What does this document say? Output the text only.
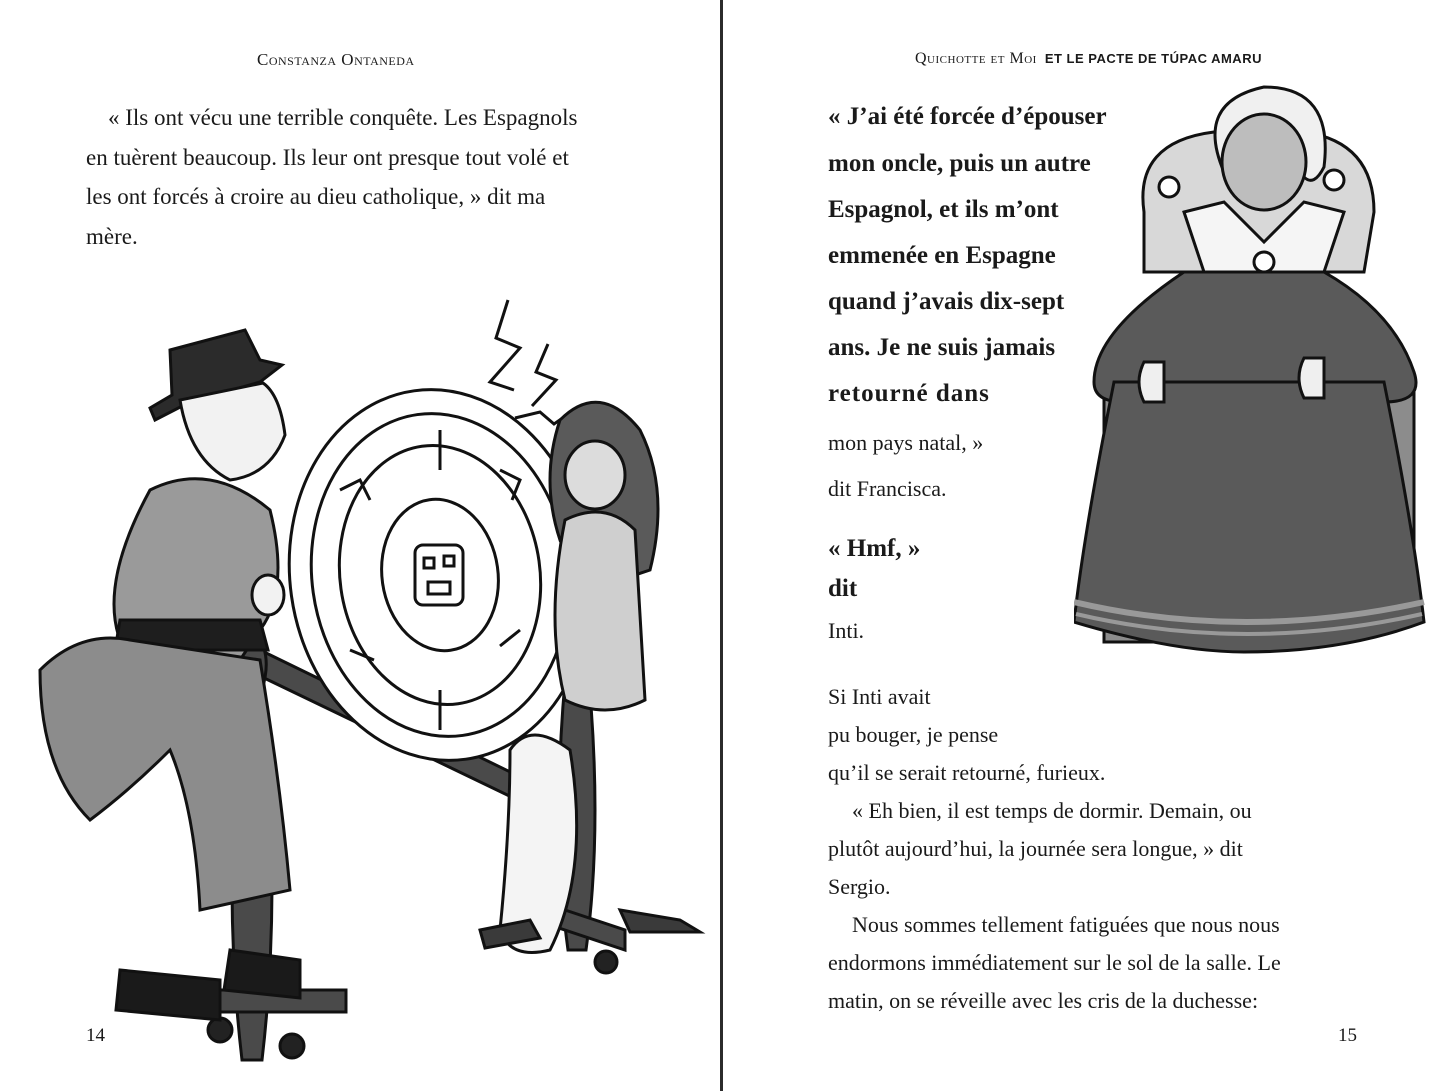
Constanza Ontaneda

« Ils ont vécu une terrible conquête. Les Espagnols en tuèrent beaucoup. Ils leur ont presque tout volé et les ont forcés à croire au dieu catholique, » dit ma mère.

14
Quichotte et Moi ET LE PACTE DE TÚPAC AMARU
« J’ai été forcée d’épouser
mon oncle, puis un autre
Espagnol, et ils m’ont
emmenée en Espagne
quand j’avais dix-sept
ans. Je ne suis jamais
retourné dans
mon pays natal, »
dit Francisca.
« Hmf, »
dit
Inti.
Si Inti avait
pu bouger, je pense
qu’il se serait retourné, furieux.
« Eh bien, il est temps de dormir. Demain, ou
plutôt aujourd’hui, la journée sera longue, » dit
Sergio.
Nous sommes tellement fatiguées que nous nous
endormons immédiatement sur le sol de la salle. Le
matin, on se réveille avec les cris de la duchesse:
15
